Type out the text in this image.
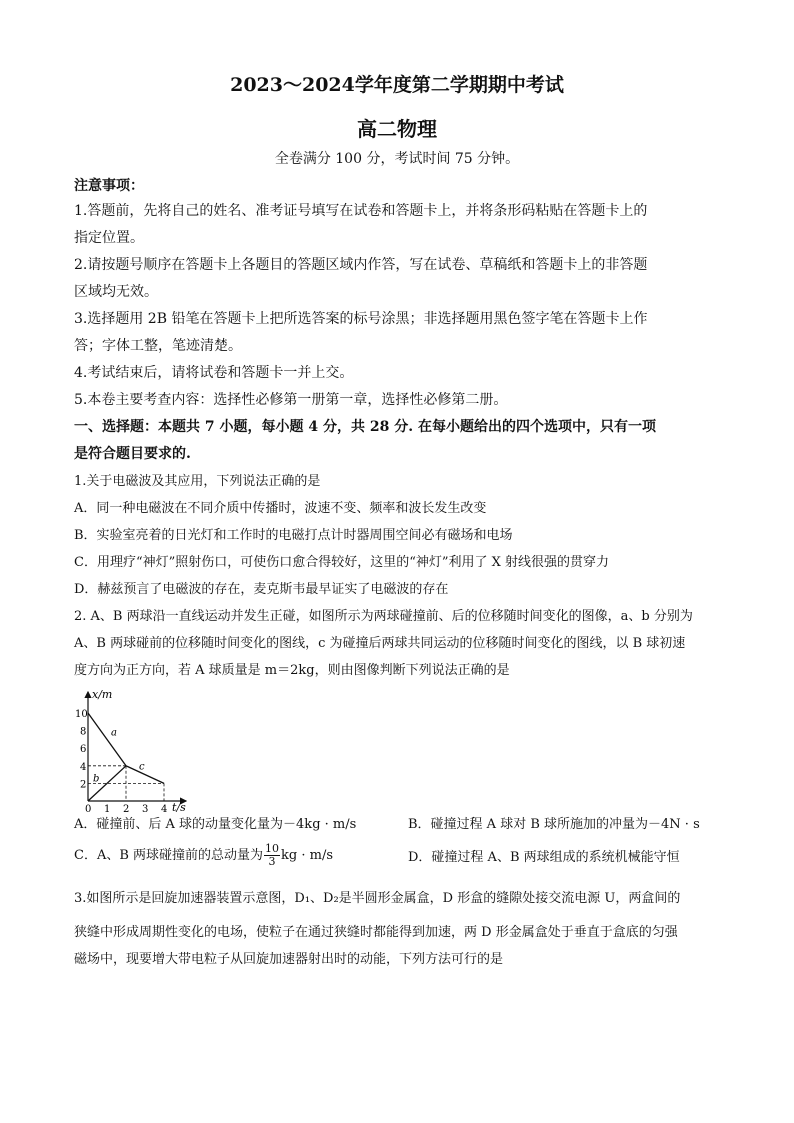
2023～2024学年度第二学期期中考试
高二物理
全卷满分 100 分，考试时间 75 分钟。
注意事项：
1.答题前，先将自己的姓名、准考证号填写在试卷和答题卡上，并将条形码粘贴在答题卡上的
指定位置。
2.请按题号顺序在答题卡上各题目的答题区域内作答，写在试卷、草稿纸和答题卡上的非答题
区域均无效。
3.选择题用 2B 铅笔在答题卡上把所选答案的标号涂黑；非选择题用黑色签字笔在答题卡上作
答；字体工整，笔迹清楚。
4.考试结束后，请将试卷和答题卡一并上交。
5.本卷主要考查内容：选择性必修第一册第一章，选择性必修第二册。
一、选择题：本题共 7 小题，每小题 4 分，共 28 分. 在每小题给出的四个选项中，只有一项
是符合题目要求的.
1.关于电磁波及其应用，下列说法正确的是
A．同一种电磁波在不同介质中传播时，波速不变、频率和波长发生改变
B．实验室亮着的日光灯和工作时的电磁打点计时器周围空间必有磁场和电场
C．用理疗“神灯”照射伤口，可使伤口愈合得较好，这里的“神灯”利用了 X 射线很强的贯穿力
D．赫兹预言了电磁波的存在，麦克斯韦最早证实了电磁波的存在
2. A、B 两球沿一直线运动并发生正碰，如图所示为两球碰撞前、后的位移随时间变化的图像，a、b 分别为
A、B 两球碰前的位移随时间变化的图线，c 为碰撞后两球共同运动的位移随时间变化的图线，以 B 球初速
度方向为正方向，若 A 球质量是 m＝2kg，则由图像判断下列说法正确的是
0 1 2 3 4
2
4
6
8
10
a
b
c
x/m
t/s
A．碰撞前、后 A 球的动量变化量为－4kg · m/s	B．碰撞过程 A 球对 B 球所施加的冲量为－4N · s
C．A、B 两球碰撞前的总动量为 $\frac{10}{3}$ kg · m/s	D．碰撞过程 A、B 两球组成的系统机械能守恒
3.如图所示是回旋加速器装置示意图，D₁、D₂是半圆形金属盒，D 形盒的缝隙处接交流电源 U，两盒间的
狭缝中形成周期性变化的电场，使粒子在通过狭缝时都能得到加速，两 D 形金属盒处于垂直于盒底的匀强
磁场中，现要增大带电粒子从回旋加速器射出时的动能，下列方法可行的是
